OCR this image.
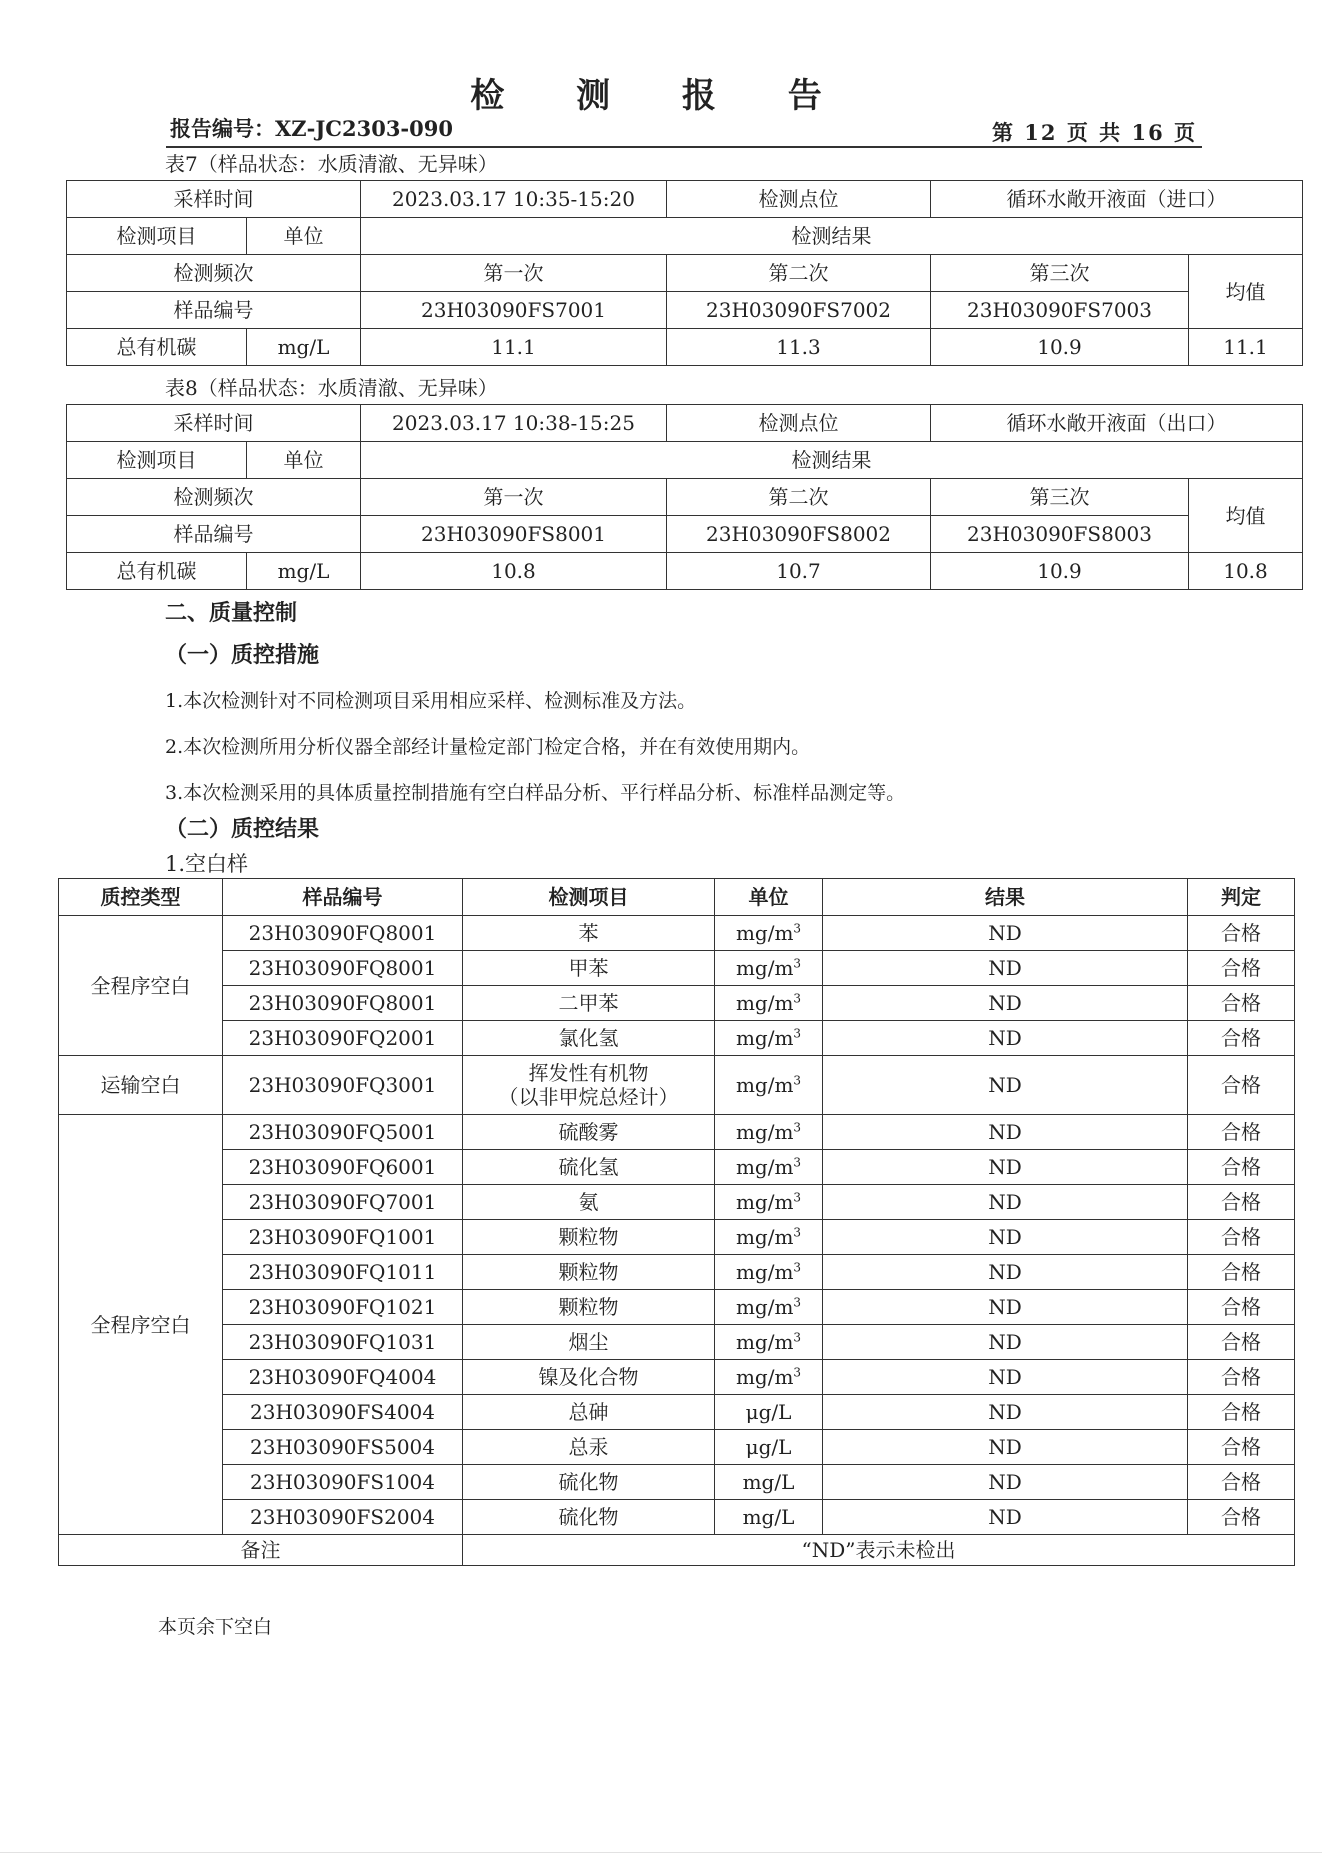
检 测 报 告
报告编号：XZ-JC2303-090	第 12 页 共 16 页
表7（样品状态：水质清澈、无异味）
采样时间		2023.03.17 10:35-15:20	检测点位	循环水敞开液面（进口）	
检测项目	单位	检测结果			
检测频次		第一次	第二次	第三次	均值
样品编号		23H03090FS7001	23H03090FS7002	23H03090FS7003	
总有机碳	mg/L	11.1	11.3	10.9	11.1
表8（样品状态：水质清澈、无异味）
采样时间		2023.03.17 10:38-15:25	检测点位	循环水敞开液面（出口）	
检测项目	单位	检测结果			
检测频次		第一次	第二次	第三次	均值
样品编号		23H03090FS8001	23H03090FS8002	23H03090FS8003	
总有机碳	mg/L	10.8	10.7	10.9	10.8
二、质量控制
（一）质控措施
1.本次检测针对不同检测项目采用相应采样、检测标准及方法。
2.本次检测所用分析仪器全部经计量检定部门检定合格，并在有效使用期内。
3.本次检测采用的具体质量控制措施有空白样品分析、平行样品分析、标准样品测定等。
（二）质控结果
1.空白样
质控类型	样品编号	检测项目	单位	结果	判定
全程序空白	23H03090FQ8001	苯	$mg/m^3$	ND	合格
	23H03090FQ8001	甲苯	$mg/m^3$	ND	合格
	23H03090FQ8001	二甲苯	$mg/m^3$	ND	合格
	23H03090FQ2001	氯化氢	$mg/m^3$	ND	合格
运输空白	23H03090FQ3001	挥发性有机物
（以非甲烷总烃计）	$mg/m^3$	ND	合格
全程序空白	23H03090FQ5001	硫酸雾	$mg/m^3$	ND	合格
	23H03090FQ6001	硫化氢	$mg/m^3$	ND	合格
	23H03090FQ7001	氨	$mg/m^3$	ND	合格
	23H03090FQ1001	颗粒物	$mg/m^3$	ND	合格
	23H03090FQ1011	颗粒物	$mg/m^3$	ND	合格
	23H03090FQ1021	颗粒物	$mg/m^3$	ND	合格
	23H03090FQ1031	烟尘	$mg/m^3$	ND	合格
	23H03090FQ4004	镍及化合物	$mg/m^3$	ND	合格
	23H03090FS4004	总砷	μg/L	ND	合格
	23H03090FS5004	总汞	μg/L	ND	合格
	23H03090FS1004	硫化物	mg/L	ND	合格
	23H03090FS2004	硫化物	mg/L	ND	合格
备注		“ND”表示未检出			
本页余下空白
